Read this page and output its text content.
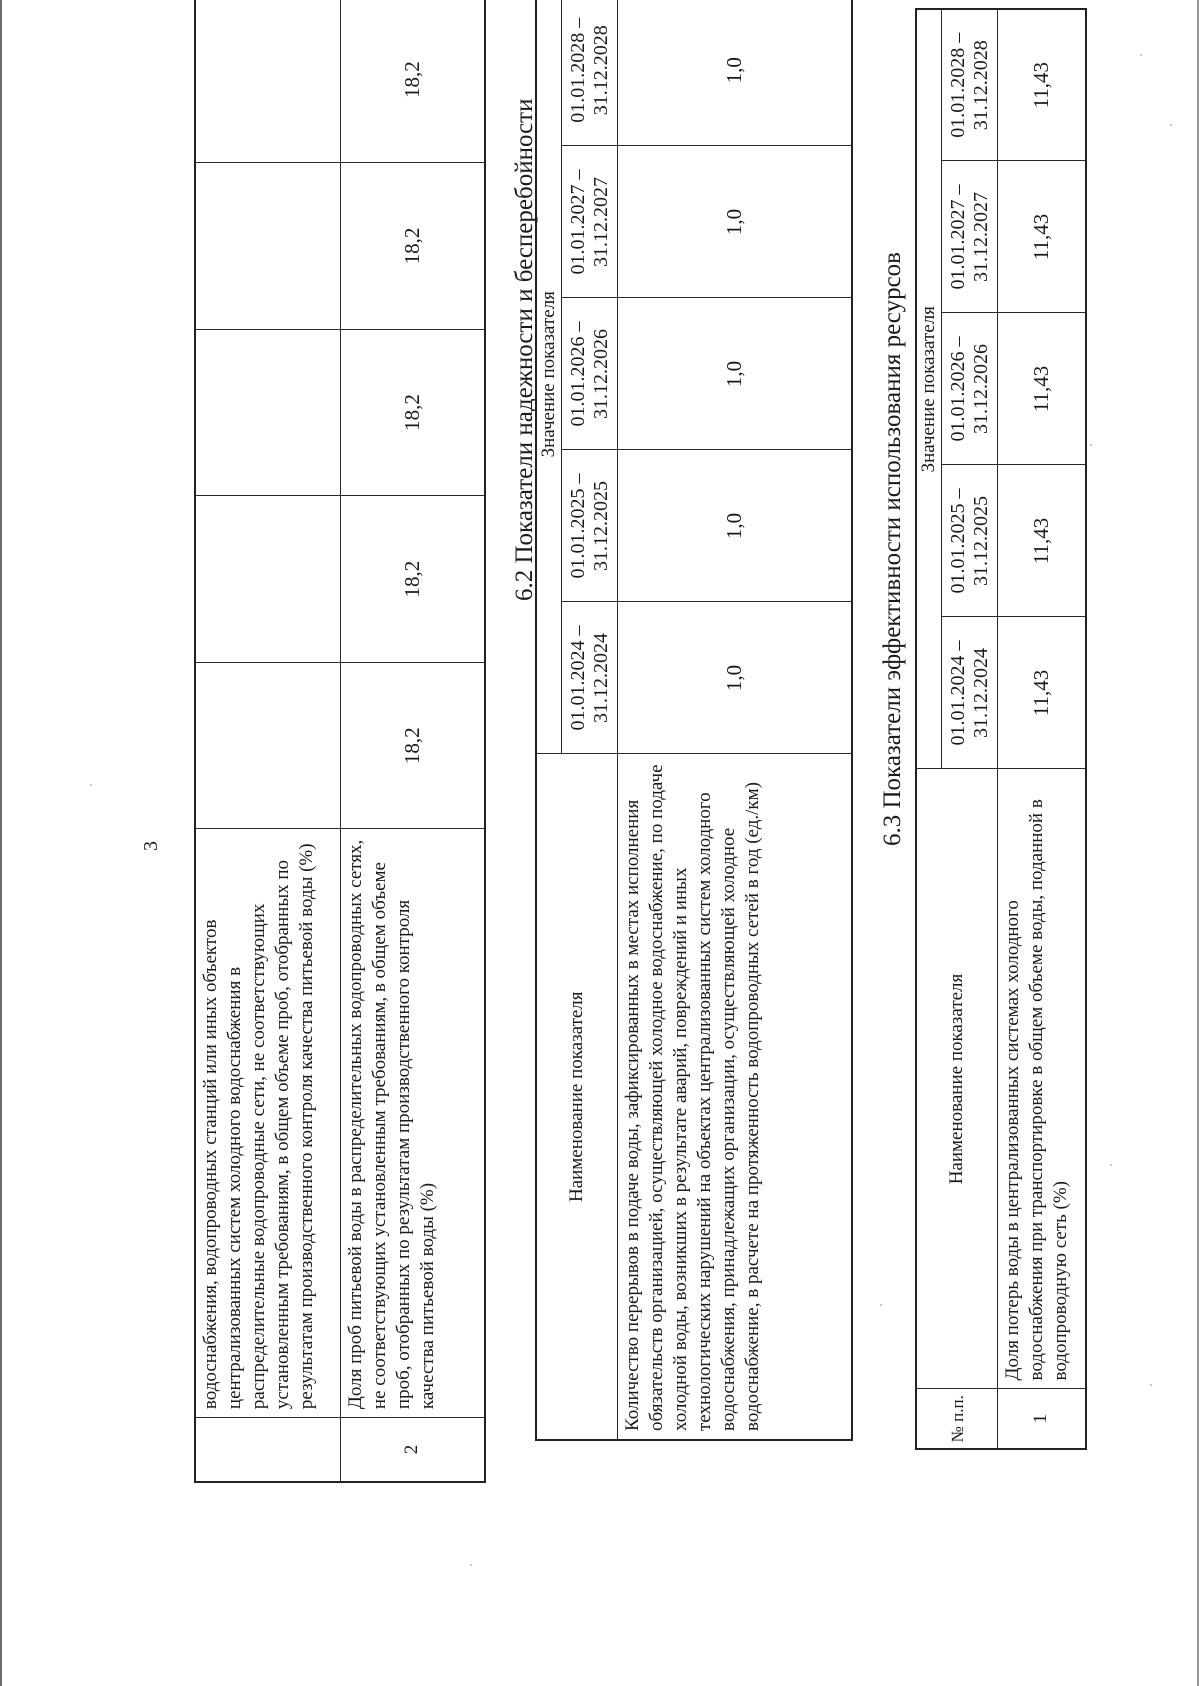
3
	водоснабжения, водопроводных станций или иных объектов централизованных систем холодного водоснабжения в распределительные водопроводные сети, не соответствующих установленным требованиям, в общем объеме проб, отобранных по результатам производственного контроля качества питьевой воды (%)					
2	Доля проб питьевой воды в распределительных водопроводных сетях, не соответствующих установленным требованиям, в общем объеме проб, отобранных по результатам производственного контроля качества питьевой воды (%)	18,2	18,2	18,2	18,2	18,2
6.2 Показатели надежности и бесперебойности
Наименование показателя	Значение показателя				
	01.01.2024 – 31.12.2024	01.01.2025 – 31.12.2025	01.01.2026 – 31.12.2026	01.01.2027 – 31.12.2027	01.01.2028 – 31.12.2028
Количество перерывов в подаче воды, зафиксированных в местах исполнения обязательств организацией, осуществляющей холодное водоснабжение, по подаче холодной воды, возникших в результате аварий, повреждений и иных технологических нарушений на объектах централизованных систем холодного водоснабжения, принадлежащих организации, осуществляющей холодное водоснабжение, в расчете на протяженность водопроводных сетей в год (ед./км)	1,0	1,0	1,0	1,0	1,0
6.3 Показатели эффективности использования ресурсов
№ п.п.	Наименование показателя	Значение показателя				
		01.01.2024 – 31.12.2024	01.01.2025 – 31.12.2025	01.01.2026 – 31.12.2026	01.01.2027 – 31.12.2027	01.01.2028 – 31.12.2028
1	Доля потерь воды в централизованных системах холодного водоснабжения при транспортировке в общем объеме воды, поданной в водопроводную сеть (%)	11,43	11,43	11,43	11,43	11,43
